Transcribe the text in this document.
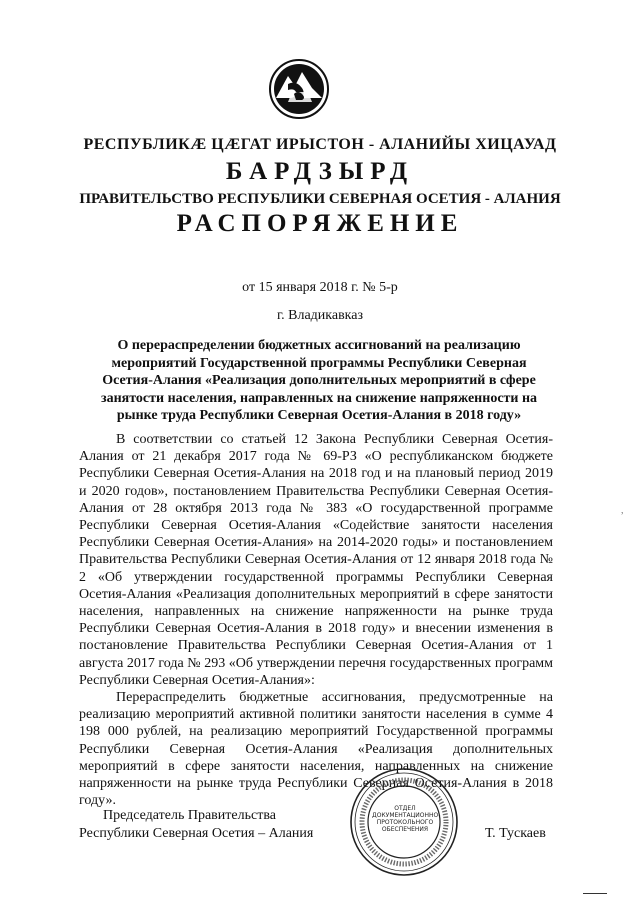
РЕСПУБЛИКӔ ЦӔГАТ ИРЫСТОН - АЛАНИЙЫ ХИЦАУАД
БАРДЗЫРД
ПРАВИТЕЛЬСТВО РЕСПУБЛИКИ СЕВЕРНАЯ ОСЕТИЯ - АЛАНИЯ
РАСПОРЯЖЕНИЕ
от 15 января 2018 г. № 5-р
г. Владикавказ
О перераспределении бюджетных ассигнований на реализацию мероприятий Государственной программы Республики Северная Осетия-Алания «Реализация дополнительных мероприятий в сфере занятости населения, направленных на снижение напряженности на рынке труда Республики Северная Осетия-Алания в 2018 году»

В соответствии со статьей 12 Закона Республики Северная Осетия-Алания от 21 декабря 2017 года № 69-РЗ «О республиканском бюджете Республики Северная Осетия-Алания на 2018 год и на плановый период 2019 и 2020 годов», постановлением Правительства Республики Северная Осетия-Алания от 28 октября 2013 года № 383 «О государственной программе Республики Северная Осетия-Алания «Содействие занятости населения Республики Северная Осетия-Алания» на 2014-2020 годы» и постановлением Правительства Республики Северная Осетия-Алания от 12 января 2018 года № 2 «Об утверждении государственной программы Республики Северная Осетия-Алания «Реализация дополнительных мероприятий в сфере занятости населения, направленных на снижение напряженности на рынке труда Республики Северная Осетия-Алания в 2018 году» и внесении изменения в постановление Правительства Республики Северная Осетия-Алания от 1 августа 2017 года № 293 «Об утверждении перечня государственных программ Республики Северная Осетия-Алания»:

Перераспределить бюджетные ассигнования, предусмотренные на реализацию мероприятий активной политики занятости населения в сумме 4 198 000 рублей, на реализацию мероприятий Государственной программы Республики Северная Осетия-Алания «Реализация дополнительных мероприятий в сфере занятости населения, направленных на снижение напряженности на рынке труда Республики Северная Осетия-Алания в 2018 году».

Председатель Правительства
Республики Северная Осетия – Алания
ОТДЕЛ ДОКУМЕНТАЦИОННО-ПРОТОКОЛЬНОГО ОБЕСПЕЧЕНИЯ	Т. Тускаев
,
